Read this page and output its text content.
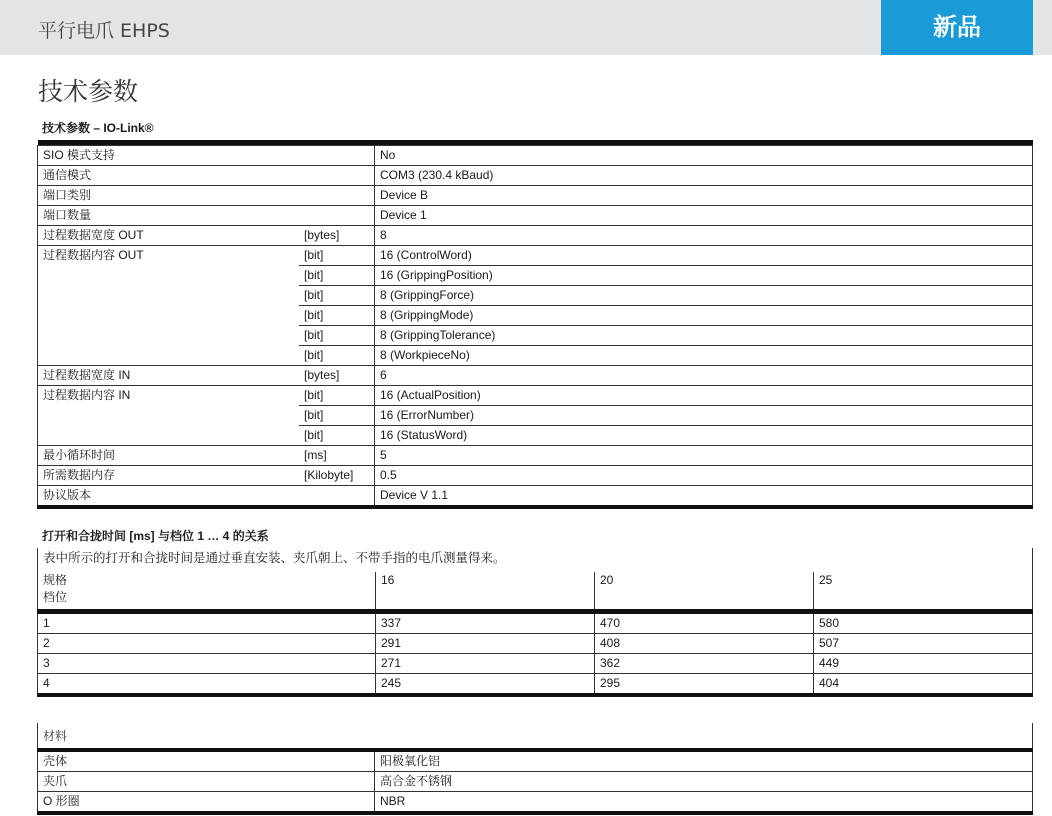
平行电爪 EHPS	新品
技术参数
技术参数 – IO-Link®

SIO 模式支持		No
通信模式		COM3 (230.4 kBaud)
端口类别		Device B
端口数量		Device 1
过程数据宽度 OUT	[bytes]	8
过程数据内容 OUT	[bit]	16 (ControlWord)
	[bit]	16 (GrippingPosition)
	[bit]	8 (GrippingForce)
	[bit]	8 (GrippingMode)
	[bit]	8 (GrippingTolerance)
	[bit]	8 (WorkpieceNo)
过程数据宽度 IN	[bytes]	6
过程数据内容 IN	[bit]	16 (ActualPosition)
	[bit]	16 (ErrorNumber)
	[bit]	16 (StatusWord)
最小循环时间	[ms]	5
所需数据内存	[Kilobyte]	0.5
协议版本		Device V 1.1
打开和合拢时间 [ms] 与档位 1 … 4 的关系
表中所示的打开和合拢时间是通过垂直安装、夹爪朝上、不带手指的电爪测量得来。			
规格
档位	16	20	25
1	337	470	580
2	291	408	507
3	271	362	449
4	245	295	404
材料	
壳体	阳极氧化铝
夹爪	高合金不锈钢
O 形圈	NBR
